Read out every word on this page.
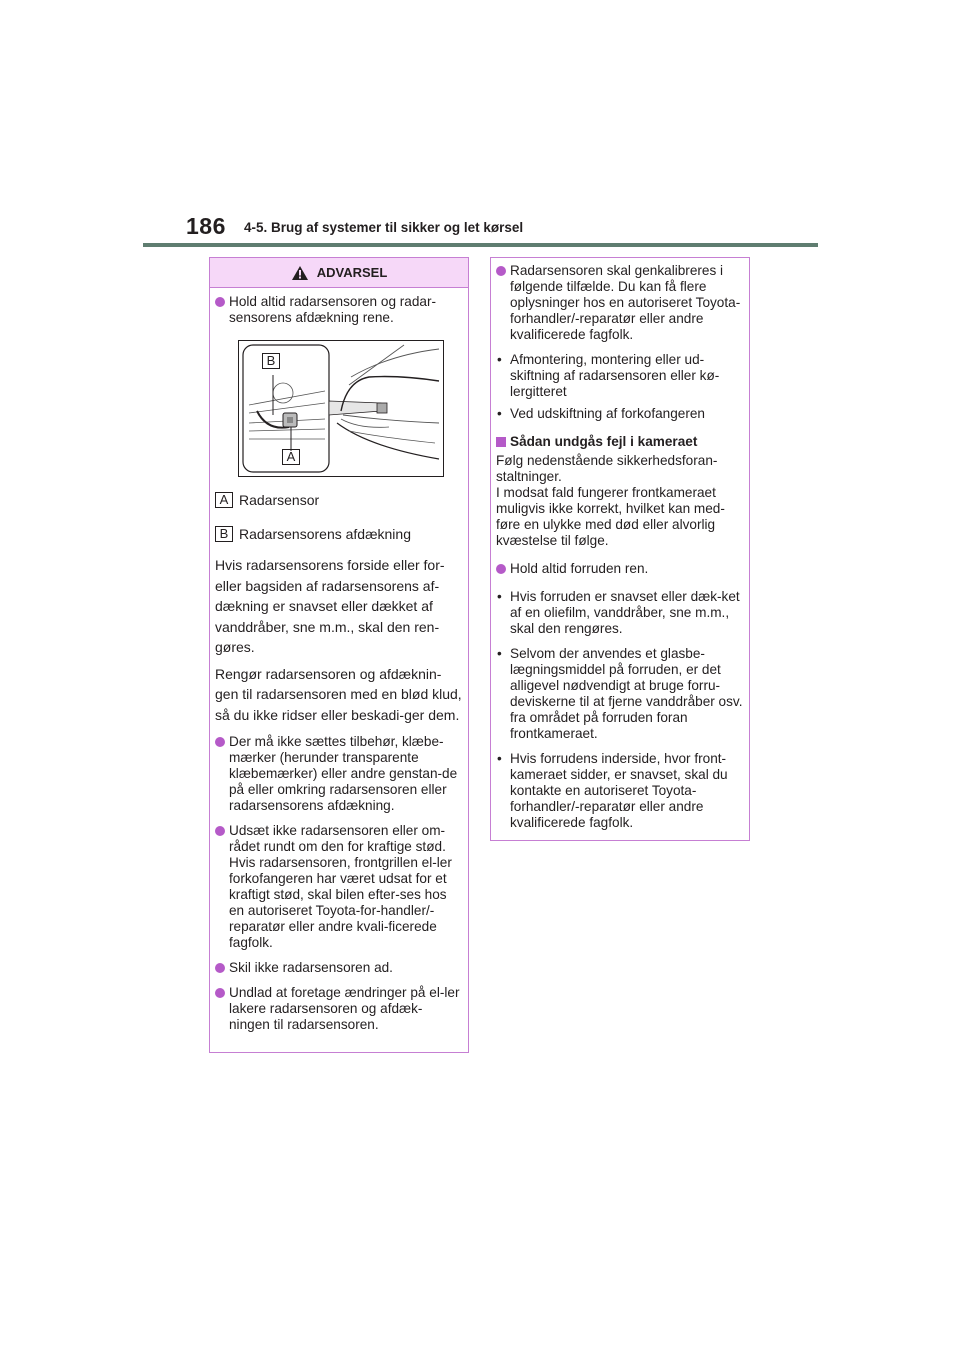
186 4-5. Brug af systemer til sikker og let kørsel
ADVARSEL
Hold altid radarsensoren og radar-sensorens afdækning rene.
B
A
A Radarsensor
B Radarsensorens afdækning
Hvis radarsensorens forside eller for-eller bagsiden af radarsensorens af-dækning er snavset eller dækket af vanddråber, sne m.m., skal den ren-gøres.
Rengør radarsensoren og afdæknin-gen til radarsensoren med en blød klud, så du ikke ridser eller beskadi-ger dem.
Der må ikke sættes tilbehør, klæbe-mærker (herunder transparente klæbemærker) eller andre genstan-de på eller omkring radarsensoren eller radarsensorens afdækning.
Udsæt ikke radarsensoren eller om-rådet rundt om den for kraftige stød. Hvis radarsensoren, frontgrillen el-ler forkofangeren har været udsat for et kraftigt stød, skal bilen efter-ses hos en autoriseret Toyota-for-handler/-reparatør eller andre kvali-ficerede fagfolk.
Skil ikke radarsensoren ad.
Undlad at foretage ændringer på el-ler lakere radarsensoren og afdæk-ningen til radarsensoren.
Radarsensoren skal genkalibreres i følgende tilfælde. Du kan få flere oplysninger hos en autoriseret Toyota-forhandler/-reparatør eller andre kvalificerede fagfolk.
• Afmontering, montering eller ud-skiftning af radarsensoren eller kø-lergitteret
• Ved udskiftning af forkofangeren
Sådan undgås fejl i kameraet
Følg nedenstående sikkerhedsforan-staltninger.
I modsat fald fungerer frontkameraet muligvis ikke korrekt, hvilket kan med-føre en ulykke med død eller alvorlig kvæstelse til følge.
Hold altid forruden ren.
• Hvis forruden er snavset eller dæk-ket af en oliefilm, vanddråber, sne m.m., skal den rengøres.
• Selvom der anvendes et glasbe-lægningsmiddel på forruden, er det alligevel nødvendigt at bruge forru-deviskerne til at fjerne vanddråber osv. fra området på forruden foran frontkameraet.
• Hvis forrudens inderside, hvor front-kameraet sidder, er snavset, skal du kontakte en autoriseret Toyota-forhandler/-reparatør eller andre kvalificerede fagfolk.
